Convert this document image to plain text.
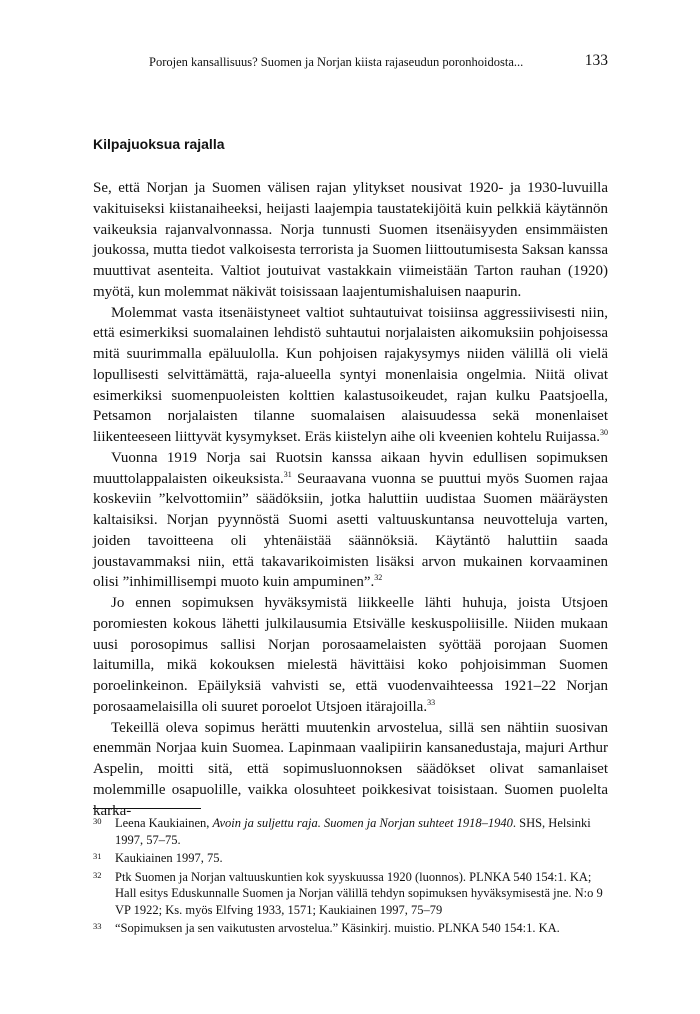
Porojen kansallisuus? Suomen ja Norjan kiista rajaseudun poronhoidosta...	133
Kilpajuoksua rajalla

Se, että Norjan ja Suomen välisen rajan ylitykset nousivat 1920- ja 1930-luvuilla vakituiseksi kiistanaiheeksi, heijasti laajempia taustatekijöitä kuin pelkkiä käytännön vaikeuksia rajanvalvonnassa. Norja tunnusti Suomen itsenäisyyden ensimmäisten joukossa, mutta tiedot valkoisesta terrorista ja Suomen liittoutumisesta Saksan kanssa muuttivat asenteita. Valtiot joutuivat vastakkain viimeistään Tarton rauhan (1920) myötä, kun molemmat näkivät toisissaan laajentumishaluisen naapurin.

Molemmat vasta itsenäistyneet valtiot suhtautuivat toisiinsa aggressiivisesti niin, että esimerkiksi suomalainen lehdistö suhtautui norjalaisten aikomuksiin pohjoisessa mitä suurimmalla epäluulolla. Kun pohjoisen rajakysymys niiden välillä oli vielä lopullisesti selvittämättä, raja-alueella syntyi monenlaisia ongelmia. Niitä olivat esimerkiksi suomenpuoleisten kolttien kalastusoikeudet, rajan kulku Paatsjoella, Petsamon norjalaisten tilanne suomalaisen alaisuudessa sekä monenlaiset liikenteeseen liittyvät kysymykset. Eräs kiistelyn aihe oli kveenien kohtelu Ruijassa.$^{30}$

Vuonna 1919 Norja sai Ruotsin kanssa aikaan hyvin edullisen sopimuksen muuttolappalaisten oikeuksista.$^{31}$ Seuraavana vuonna se puuttui myös Suomen rajaa koskeviin ”kelvottomiin” säädöksiin, jotka haluttiin uudistaa Suomen määräysten kaltaisiksi. Norjan pyynnöstä Suomi asetti valtuuskuntansa neuvotteluja varten, joiden tavoitteena oli yhtenäistää säännöksiä. Käytäntö haluttiin saada joustavammaksi niin, että takavarikoimisten lisäksi arvon mukainen korvaaminen olisi ”inhimillisempi muoto kuin ampuminen”.$^{32}$

Jo ennen sopimuksen hyväksymistä liikkeelle lähti huhuja, joista Utsjoen poromiesten kokous lähetti julkilausumia Etsivälle keskuspoliisille. Niiden mukaan uusi porosopimus sallisi Norjan porosaamelaisten syöttää porojaan Suomen laitumilla, mikä kokouksen mielestä hävittäisi koko pohjoisimman Suomen poroelinkeinon. Epäilyksiä vahvisti se, että vuodenvaihteessa 1921–22 Norjan porosaamelaisilla oli suuret poroelot Utsjoen itärajoilla.$^{33}$

Tekeillä oleva sopimus herätti muutenkin arvostelua, sillä sen nähtiin suosivan enemmän Norjaa kuin Suomea. Lapinmaan vaalipiirin kansanedustaja, majuri Arthur Aspelin, moitti sitä, että sopimusluonnoksen säädökset olivat samanlaiset molemmille osapuolille, vaikka olosuhteet poikkesivat toisistaan. Suomen puolelta karka-

30 Leena Kaukiainen, Avoin ja suljettu raja. Suomen ja Norjan suhteet 1918–1940. SHS, Helsinki 1997, 57–75.
31 Kaukiainen 1997, 75.
32 Ptk Suomen ja Norjan valtuuskuntien kok syyskuussa 1920 (luonnos). PLNKA 540 154:1. KA; Hall esitys Eduskunnalle Suomen ja Norjan välillä tehdyn sopimuksen hyväksymisestä jne. N:o 9 VP 1922; Ks. myös Elfving 1933, 1571; Kaukiainen 1997, 75–79
33 “Sopimuksen ja sen vaikutusten arvostelua.” Käsinkirj. muistio. PLNKA 540 154:1. KA.
